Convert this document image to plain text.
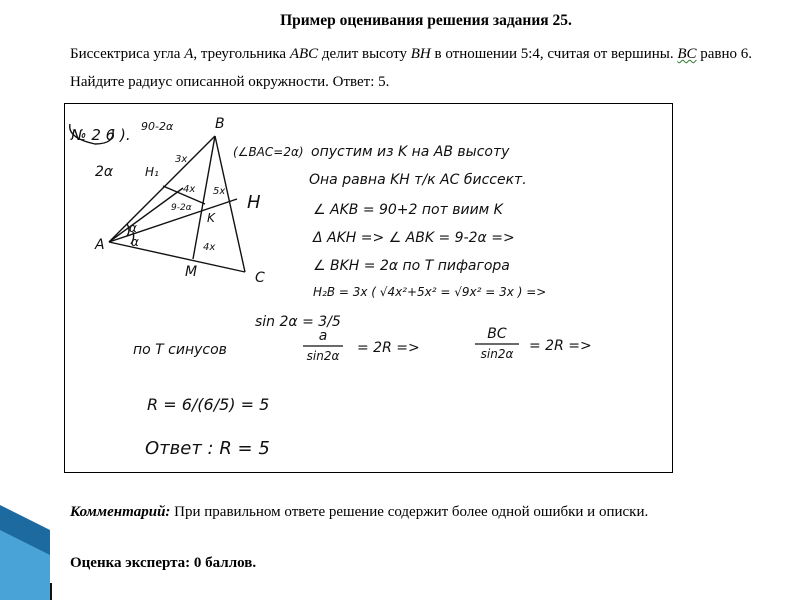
Пример оценивания решения задания 25.
Биссектриса угла A, треугольника ABC делит высоту BH в отношении 5:4, считая от вершины. BC равно 6. Найдите радиус описанной окружности. Ответ: 5.
№ 2 6 ). 90-2α	B
2α	H₁
3x
4x 5x
9-2α
K
4x
α
α
A
M	C
H
(∠BAC=2α) опустим из K на AB высоту
Она равна KH т/к AC биссект.
∠ AKB = 90+2 пот виим K
Δ AKH => ∠ ABK = 9-2α =>
∠ BKH = 2α по T пифагора
H₂B = 3x ( √4x²+5x² = √9x² = 3x ) =>
sin 2α = 3/5
по T синусов
a
sin2α = 2R =>
BC
sin2α = 2R =>
R = 6/(6/5) = 5
Ответ : R = 5
Комментарий: При правильном ответе решение содержит более одной ошибки и описки.
Оценка эксперта: 0 баллов.
